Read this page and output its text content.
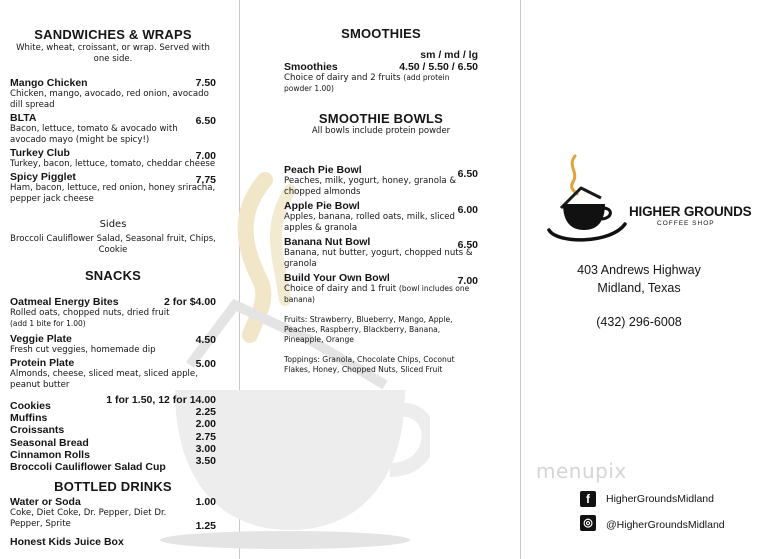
SANDWICHES & WRAPS
White, wheat, croissant, or wrap. Served with one side.
Mango Chicken	7.50
Chicken, mango, avocado, red onion, avocado dill spread
BLTA	6.50
Bacon, lettuce, tomato & avocado with avocado mayo (might be spicy!)
Turkey Club	7.00
Turkey, bacon, lettuce, tomato, cheddar cheese
Spicy Pigglet	7.75
Ham, bacon, lettuce, red onion, honey sriracha, pepper jack cheese
Sides
Broccoli Cauliflower Salad, Seasonal fruit, Chips, Cookie
SNACKS
Oatmeal Energy Bites	2 for $4.00
Rolled oats, chopped nuts, dried fruit
(add 1 bite for 1.00)
Veggie Plate	4.50
Fresh cut veggies, homemade dip
Protein Plate	5.00
Almonds, cheese, sliced meat, sliced apple, peanut butter
Cookies	1 for 1.50, 12 for 14.00
Muffins	2.25
Croissants	2.00
Seasonal Bread	2.75
Cinnamon Rolls	3.00
Broccoli Cauliflower Salad Cup	3.50
BOTTLED DRINKS
Water or Soda	1.00
Coke, Diet Coke, Dr. Pepper, Diet Dr. Pepper, Sprite	1.25
Honest Kids Juice Box
SMOOTHIES
sm / md / lg
Smoothies	4.50 / 5.50 / 6.50
Choice of dairy and 2 fruits (add protein powder 1.00)
SMOOTHIE BOWLS
All bowls include protein powder
Peach Pie Bowl	6.50
Peaches, milk, yogurt, honey, granola & chopped almonds
Apple Pie Bowl	6.00
Apples, banana, rolled oats, milk, sliced apples & granola
Banana Nut Bowl	6.50
Banana, nut butter, yogurt, chopped nuts & granola
Build Your Own Bowl	7.00
Choice of dairy and 1 fruit (bowl includes one banana)
Fruits: Strawberry, Blueberry, Mango, Apple, Peaches, Raspberry, Blackberry, Banana, Pineapple, Orange
Toppings: Granola, Chocolate Chips, Coconut Flakes, Honey, Chopped Nuts, Sliced Fruit
HIGHER GROUNDS
COFFEE SHOP
403 Andrews Highway
Midland, Texas
(432) 296-6008
menupix
f	HigherGroundsMidland
◎	@HigherGroundsMidland
